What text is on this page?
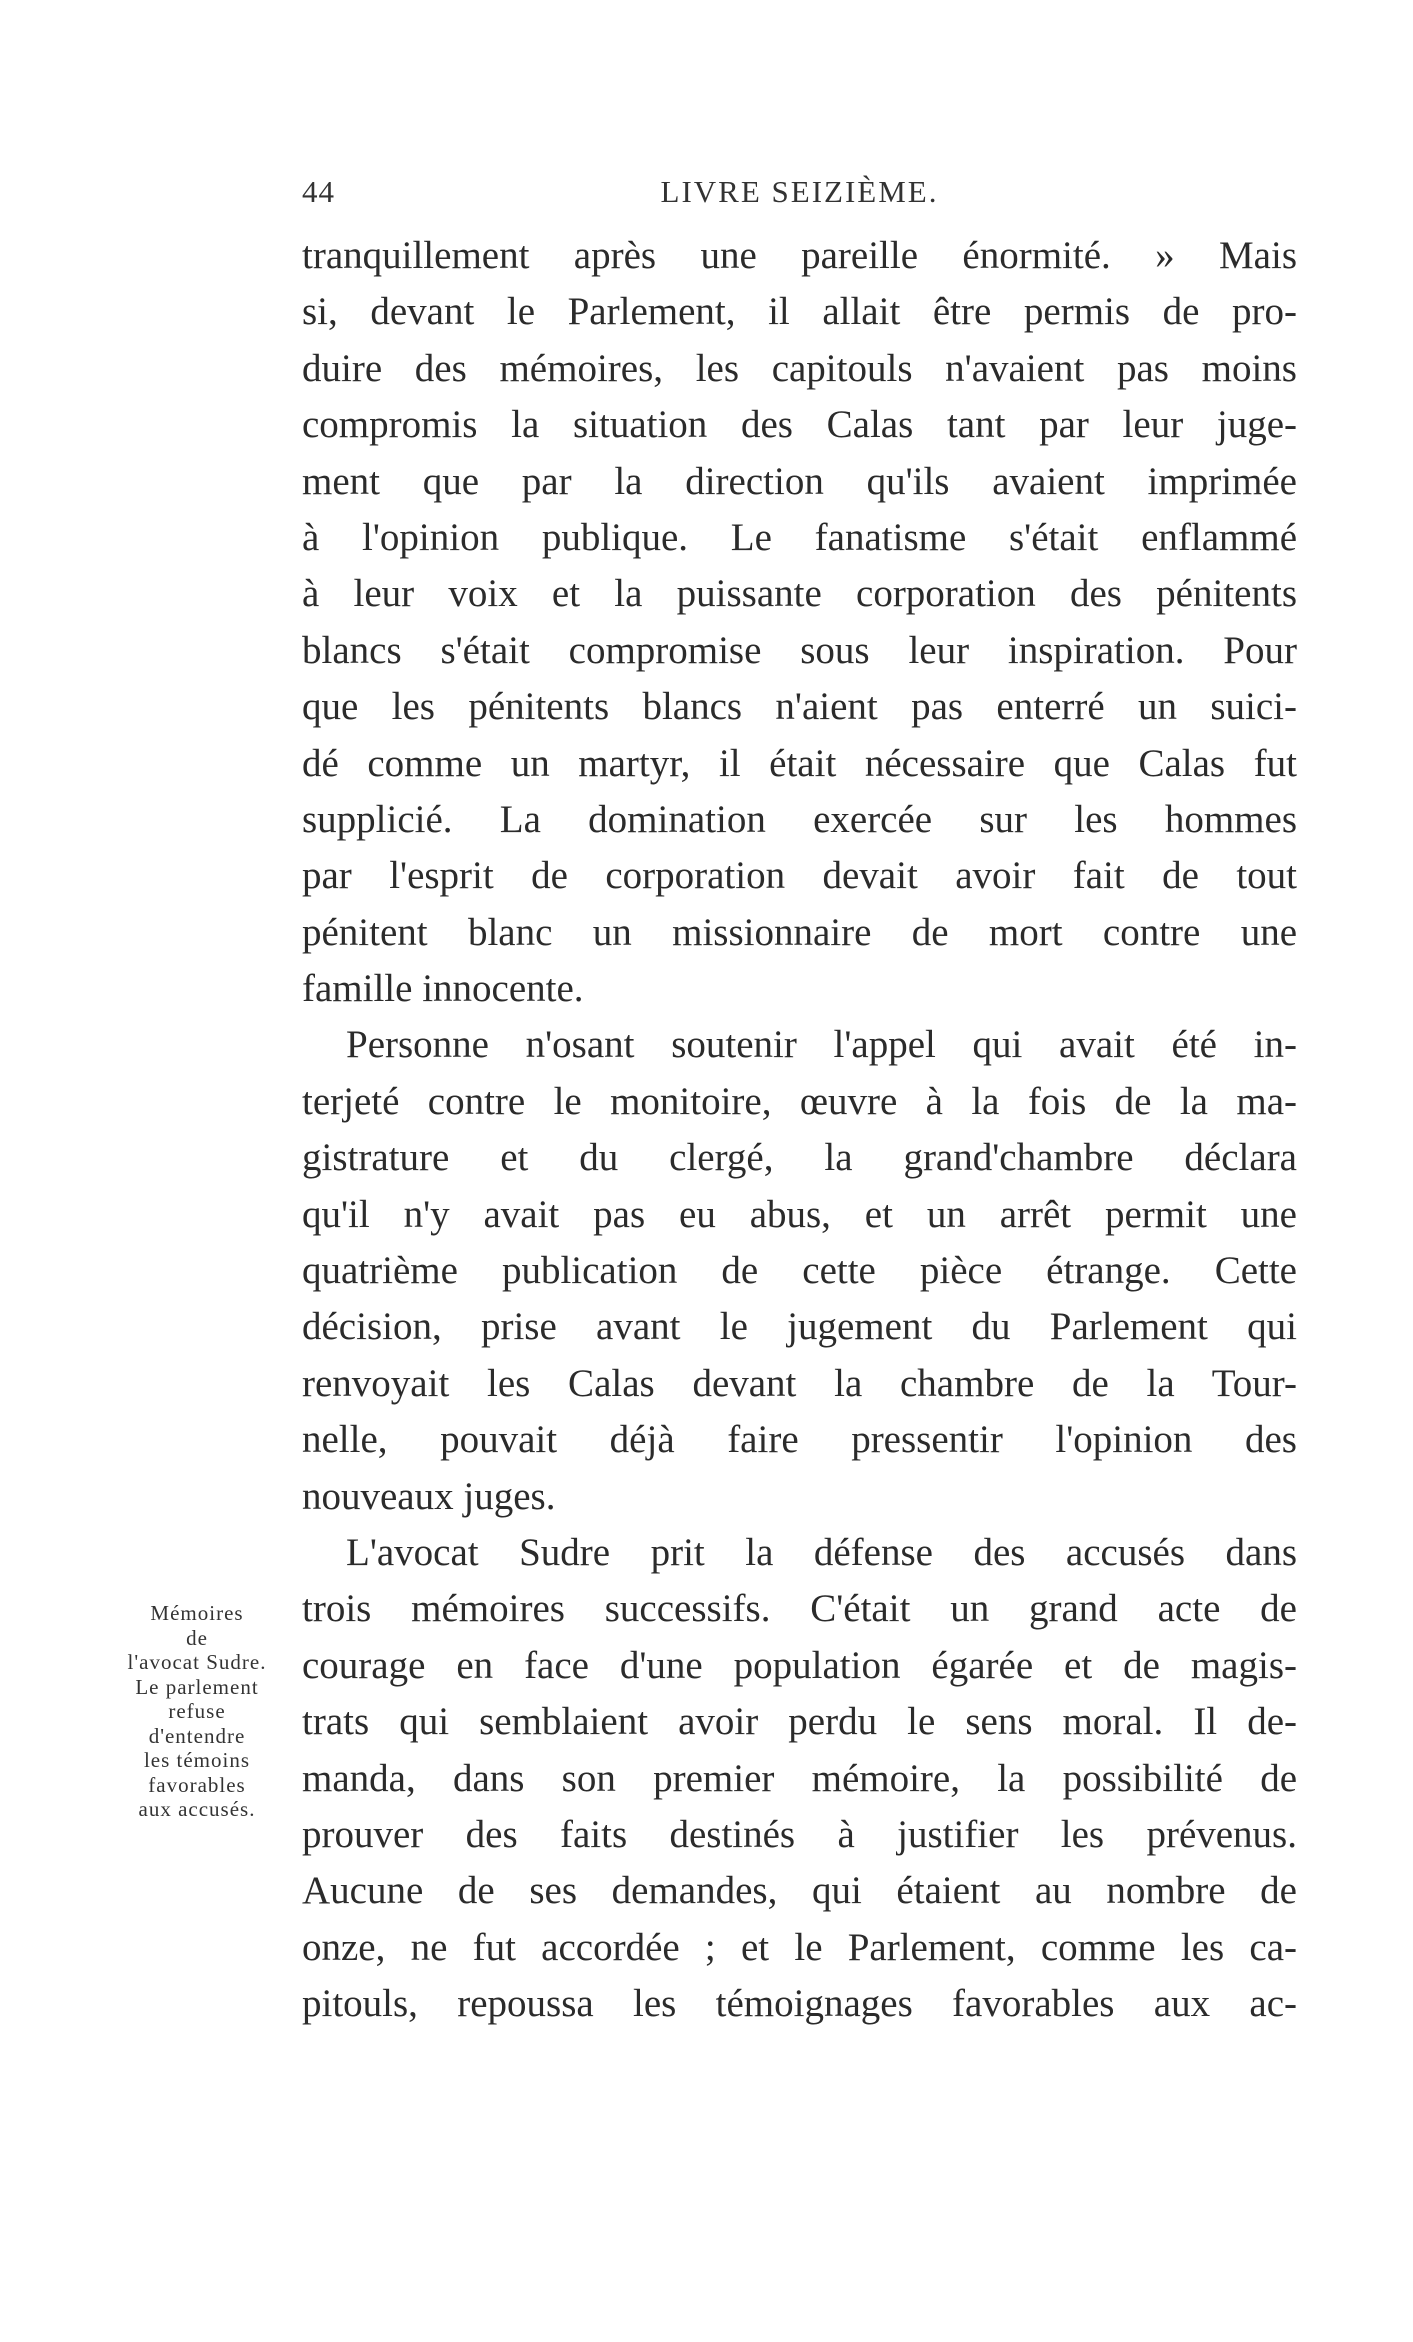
44	LIVRE SEIZIÈME.
Mémoires
de
l'avocat Sudre.
Le parlement
refuse
d'entendre
les témoins
favorables
aux accusés.
tranquillement après une pareille énormité. » Mais
si, devant le Parlement, il allait être permis de pro-
duire des mémoires, les capitouls n'avaient pas moins
compromis la situation des Calas tant par leur juge-
ment que par la direction qu'ils avaient imprimée
à l'opinion publique. Le fanatisme s'était enflammé
à leur voix et la puissante corporation des pénitents
blancs s'était compromise sous leur inspiration. Pour
que les pénitents blancs n'aient pas enterré un suici-
dé comme un martyr, il était nécessaire que Calas fut
supplicié. La domination exercée sur les hommes
par l'esprit de corporation devait avoir fait de tout
pénitent blanc un missionnaire de mort contre une
famille innocente.
Personne n'osant soutenir l'appel qui avait été in-
terjeté contre le monitoire, œuvre à la fois de la ma-
gistrature et du clergé, la grand'chambre déclara
qu'il n'y avait pas eu abus, et un arrêt permit une
quatrième publication de cette pièce étrange. Cette
décision, prise avant le jugement du Parlement qui
renvoyait les Calas devant la chambre de la Tour-
nelle, pouvait déjà faire pressentir l'opinion des
nouveaux juges.
L'avocat Sudre prit la défense des accusés dans
trois mémoires successifs. C'était un grand acte de
courage en face d'une population égarée et de magis-
trats qui semblaient avoir perdu le sens moral. Il de-
manda, dans son premier mémoire, la possibilité de
prouver des faits destinés à justifier les prévenus.
Aucune de ses demandes, qui étaient au nombre de
onze, ne fut accordée ; et le Parlement, comme les ca-
pitouls, repoussa les témoignages favorables aux ac-
